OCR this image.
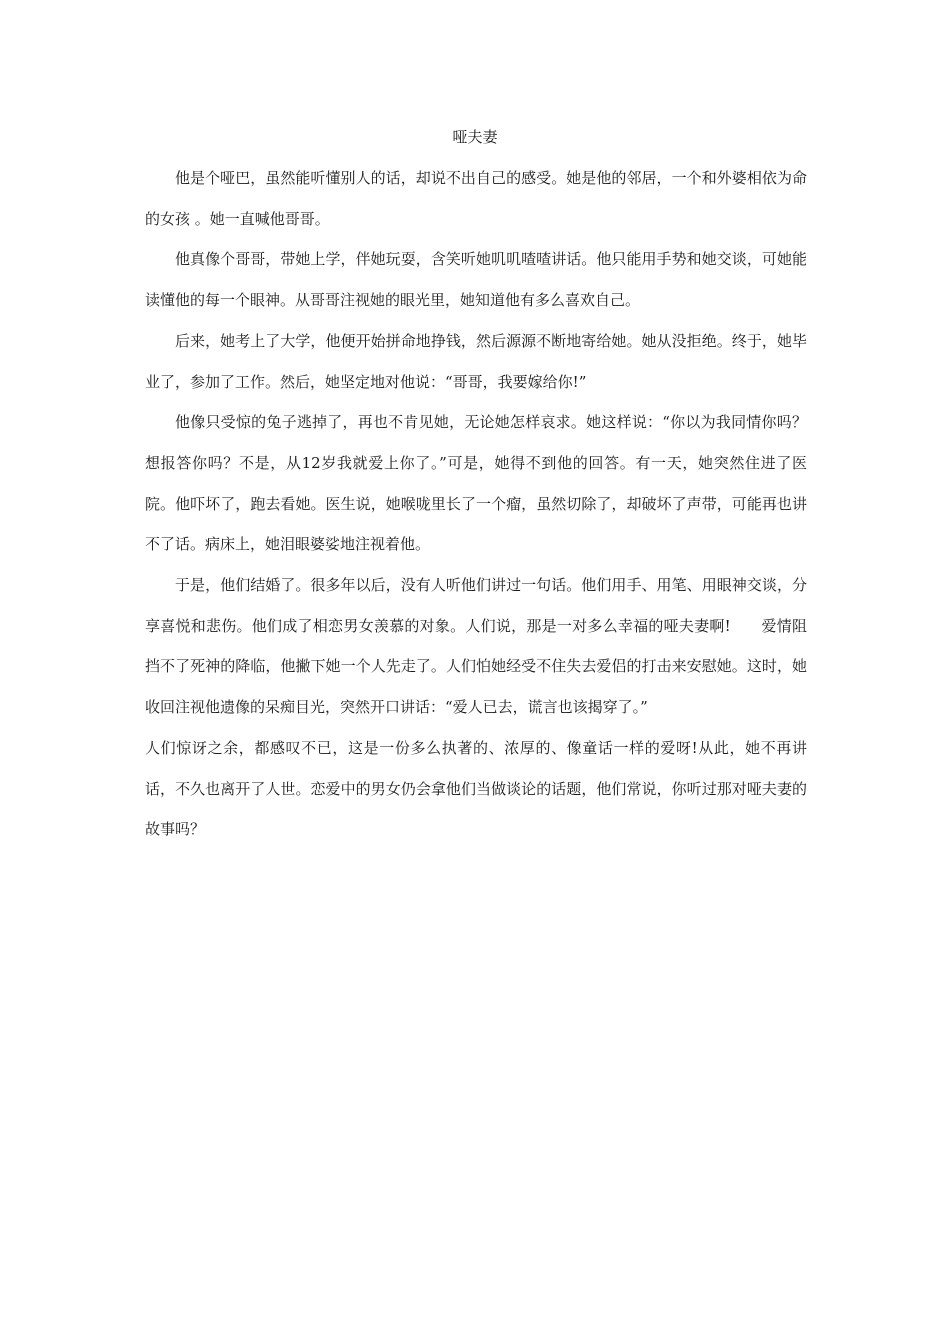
哑夫妻

他是个哑巴，虽然能听懂别人的话，却说不出自己的感受。她是他的邻居，一个和外婆相依为命的女孩 。她一直喊他哥哥。

他真像个哥哥，带她上学，伴她玩耍，含笑听她叽叽喳喳讲话。他只能用手势和她交谈，可她能读懂他的每一个眼神。从哥哥注视她的眼光里，她知道他有多么喜欢自己。

后来，她考上了大学，他便开始拼命地挣钱，然后源源不断地寄给她。她从没拒绝。终于，她毕业了，参加了工作。然后，她坚定地对他说：“哥哥，我要嫁给你!”

他像只受惊的兔子逃掉了，再也不肯见她，无论她怎样哀求。她这样说：“你以为我同情你吗？想报答你吗？不是，从12岁我就爱上你了。”可是，她得不到他的回答。有一天，她突然住进了医院。他吓坏了，跑去看她。医生说，她喉咙里长了一个瘤，虽然切除了，却破坏了声带，可能再也讲不了话。病床上，她泪眼婆娑地注视着他。

于是，他们结婚了。很多年以后，没有人听他们讲过一句话。他们用手、用笔、用眼神交谈，分享喜悦和悲伤。他们成了相恋男女羡慕的对象。人们说，那是一对多么幸福的哑夫妻啊!　　爱情阻挡不了死神的降临，他撇下她一个人先走了。人们怕她经受不住失去爱侣的打击来安慰她。这时，她收回注视他遗像的呆痴目光，突然开口讲话：“爱人已去，谎言也该揭穿了。”

人们惊讶之余，都感叹不已，这是一份多么执著的、浓厚的、像童话一样的爱呀!从此，她不再讲话，不久也离开了人世。恋爱中的男女仍会拿他们当做谈论的话题，他们常说，你听过那对哑夫妻的故事吗？
